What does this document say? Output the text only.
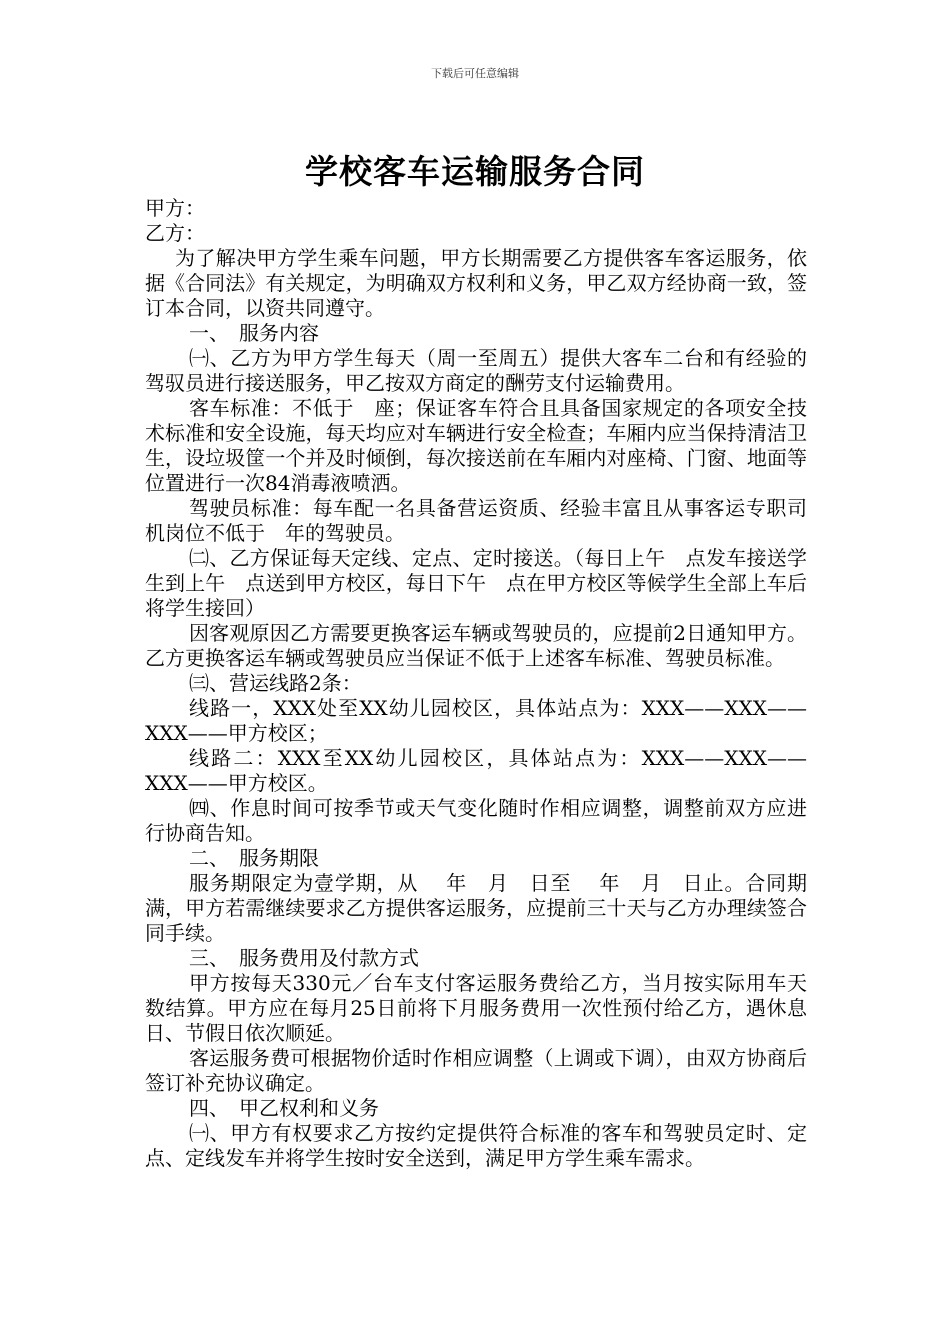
下载后可任意编辑
学校客车运输服务合同

甲方：

乙方：

为了解决甲方学生乘车问题，甲方长期需要乙方提供客车客运服务，依据《合同法》有关规定，为明确双方权利和义务，甲乙双方经协商一致，签订本合同，以资共同遵守。

一、　服务内容

㈠、乙方为甲方学生每天（周一至周五）提供大客车二台和有经验的驾驭员进行接送服务，甲乙按双方商定的酬劳支付运输费用。

客车标准：不低于　座；保证客车符合且具备国家规定的各项安全技术标准和安全设施，每天均应对车辆进行安全检查；车厢内应当保持清洁卫生，设垃圾筐一个并及时倾倒，每次接送前在车厢内对座椅、门窗、地面等位置进行一次84消毒液喷洒。

驾驶员标准：每车配一名具备营运资质、经验丰富且从事客运专职司机岗位不低于　年的驾驶员。

㈡、乙方保证每天定线、定点、定时接送。（每日上午　点发车接送学生到上午　点送到甲方校区，每日下午　点在甲方校区等候学生全部上车后将学生接回）

因客观原因乙方需要更换客运车辆或驾驶员的，应提前2日通知甲方。乙方更换客运车辆或驾驶员应当保证不低于上述客车标准、驾驶员标准。

㈢、营运线路2条：

线路一，XXX处至XX幼儿园校区，具体站点为：XXX——XXX——XXX——甲方校区；

线路二：XXX至XX幼儿园校区，具体站点为：XXX——XXX——XXX——甲方校区。

㈣、作息时间可按季节或天气变化随时作相应调整，调整前双方应进行协商告知。

二、　服务期限

服务期限定为壹学期，从　 年　月　日至　 年　月　日止。合同期满，甲方若需继续要求乙方提供客运服务，应提前三十天与乙方办理续签合同手续。

三、　服务费用及付款方式

甲方按每天330元／台车支付客运服务费给乙方，当月按实际用车天数结算。甲方应在每月25日前将下月服务费用一次性预付给乙方，遇休息日、节假日依次顺延。

客运服务费可根据物价适时作相应调整（上调或下调），由双方协商后签订补充协议确定。

四、　甲乙权利和义务

㈠、甲方有权要求乙方按约定提供符合标准的客车和驾驶员定时、定点、定线发车并将学生按时安全送到，满足甲方学生乘车需求。
